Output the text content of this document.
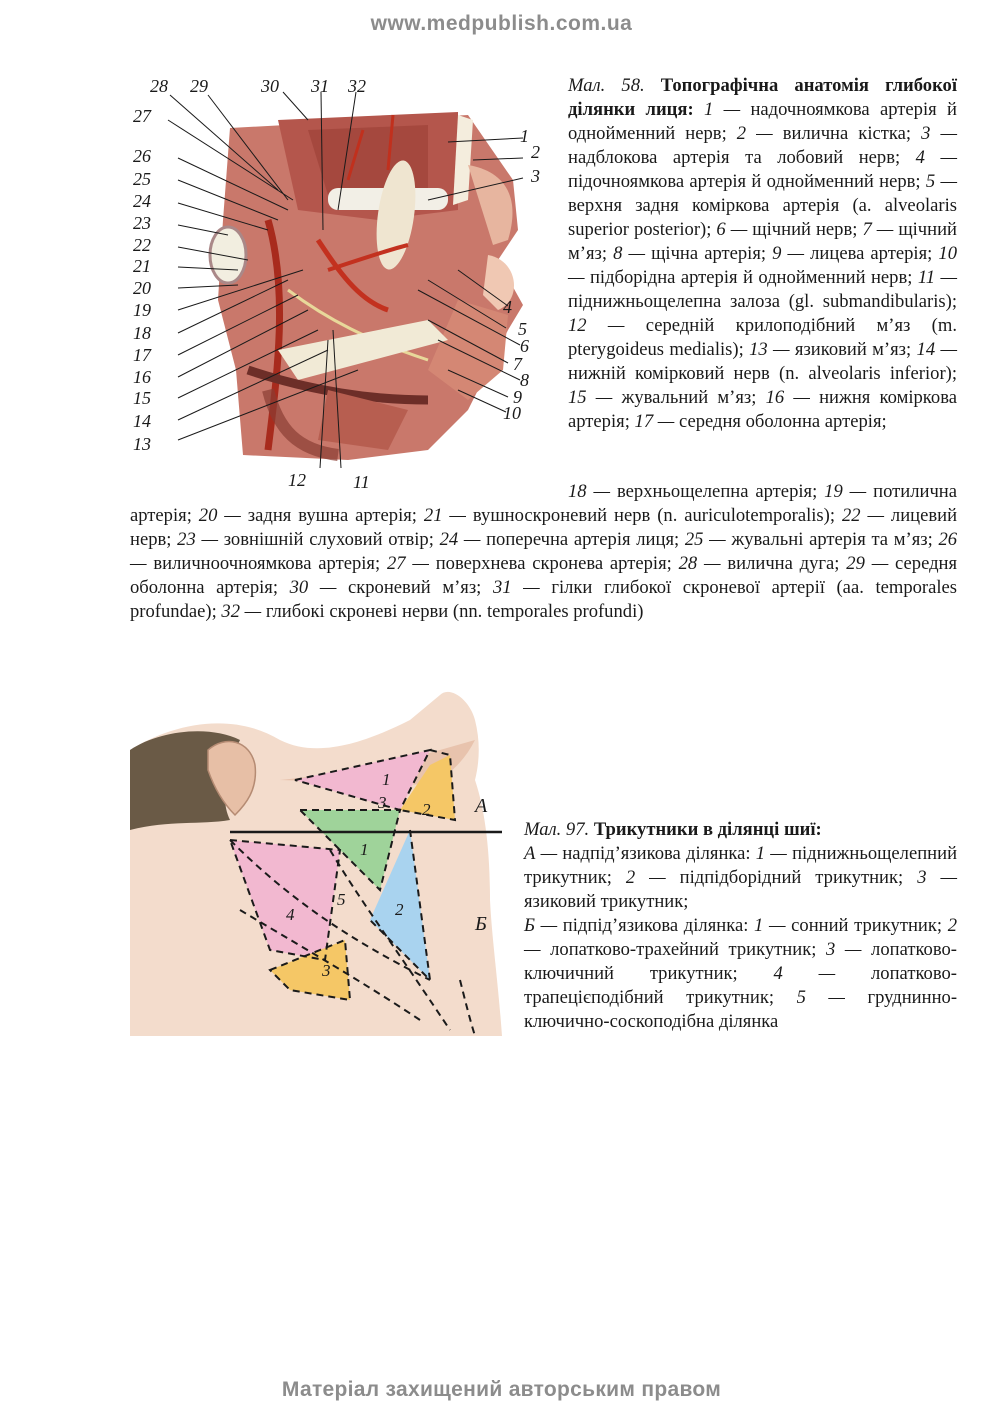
www.medpublish.com.ua
1
2
3
4
5
6
7
8
9
10
11
12
13
14
15
16
17
18
19
20
21
22
23
24
25
26
27
28 29	30 31 32	Мал. 58. Топографічна анатомія глибокої ділянки лиця: 1 — надочноямкова артерія й однойменний нерв; 2 — вилична кістка; 3 — надблокова артерія та лобовий нерв; 4 — підочноямкова артерія й однойменний нерв; 5 — верхня задня коміркова артерія (a. alveolaris superior posterior); 6 — щічний нерв; 7 — щічний м’яз; 8 — щічна артерія; 9 — лицева артерія; 10 — підборідна артерія й однойменний нерв; 11 — піднижньощелепна залоза (gl. submandibularis); 12 — середній крилоподібний м’яз (m. pterygoideus medialis); 13 — язиковий м’яз; 14 — нижній комірковий нерв (n. alveolaris inferior); 15 — жувальний м’яз; 16 — нижня коміркова артерія; 17 — середня оболонна артерія;

18 — верхньощелепна артерія; 19 — потилична артерія; 20 — задня вушна артерія; 21 — вушноскроневий нерв (n. auriculotemporalis); 22 — лицевий нерв; 23 — зовнішній слуховий отвір; 24 — поперечна артерія лиця; 25 — жувальні артерія та м’яз; 26 — виличноочноямкова артерія; 27 — поверхнева скронева артерія; 28 — вилична дуга; 29 — середня оболонна артерія; 30 — скроневий м’яз; 31 — гілки глибокої скроневої артерії (aa. temporales profundae); 32 — глибокі скроневі нерви (nn. temporales profundi)

1
2
3
1
2
3
4
5
А
Б

Мал. 97. Трикутники в ділянці шиї:

А — надпід’язикова ділянка: 1 — піднижньощелепний трикутник; 2 — підпідборідний трикутник; 3 — язиковий трикутник;

Б — підпід’язикова ділянка: 1 — сонний трикутник; 2 — лопатково-трахейний трикутник; 3 — лопатково-ключичний трикутник; 4 — лопатково-трапецієподібний трикутник; 5 — груднинно-ключично-соскоподібна ділянка

Матеріал захищений авторським правом
